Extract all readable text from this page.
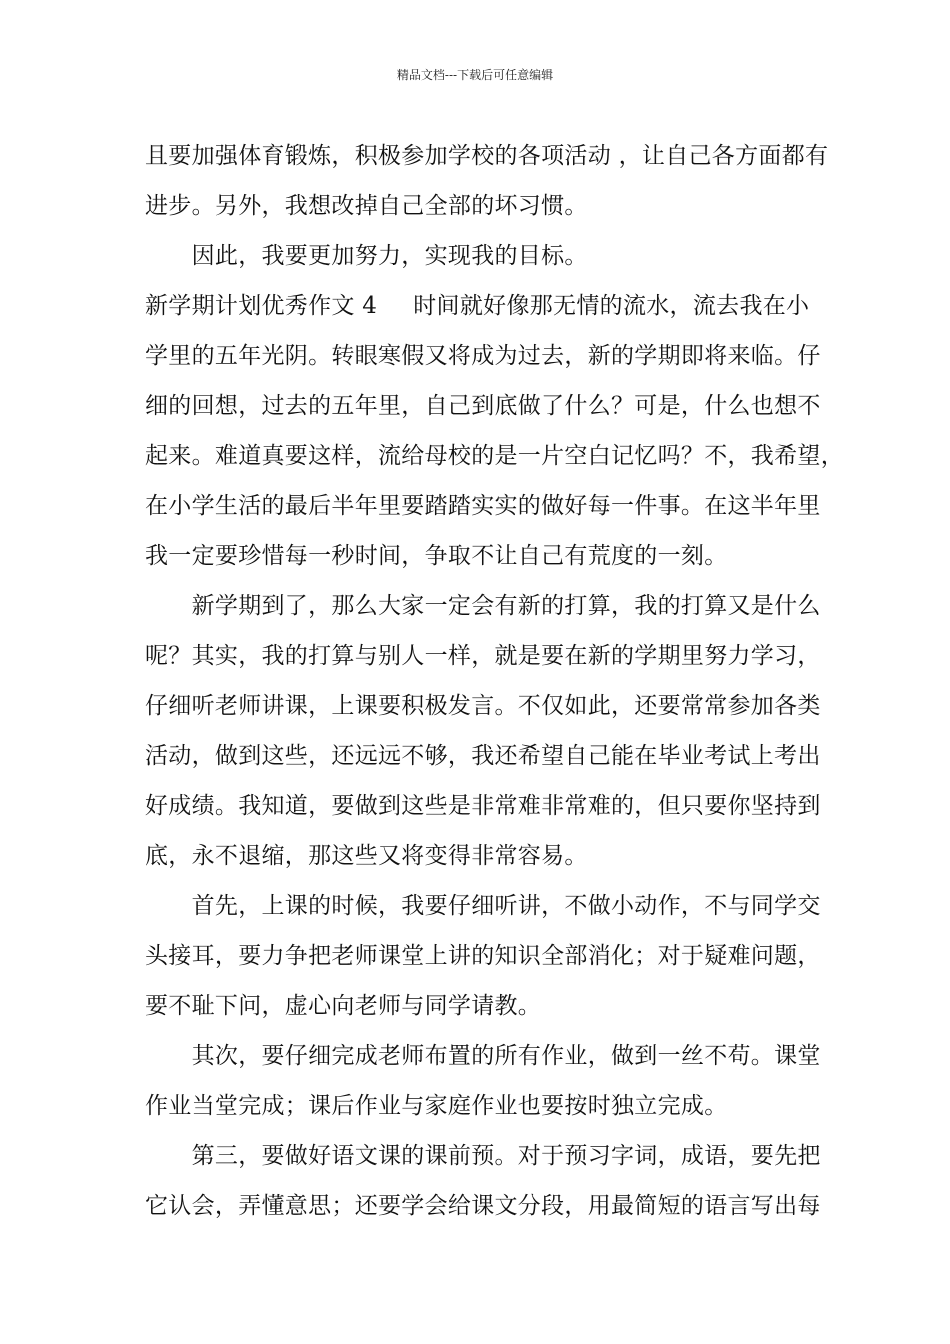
精品文档---下载后可任意编辑
且要加强体育锻炼，积极参加学校的各项活动 ，让自己各方面都有
进步。另外，我想改掉自己全部的坏习惯。
　　因此，我要更加努力，实现我的目标。
新学期计划优秀作文 4 时间就好像那无情的流水，流去我在小
学里的五年光阴。转眼寒假又将成为过去，新的学期即将来临。仔
细的回想，过去的五年里，自己到底做了什么？可是，什么也想不
起来。难道真要这样，流给母校的是一片空白记忆吗？不，我希望，
在小学生活的最后半年里要踏踏实实的做好每一件事。在这半年里
我一定要珍惜每一秒时间，争取不让自己有荒度的一刻。
　　新学期到了，那么大家一定会有新的打算，我的打算又是什么
呢？其实，我的打算与别人一样，就是要在新的学期里努力学习，
仔细听老师讲课，上课要积极发言。不仅如此，还要常常参加各类
活动，做到这些，还远远不够，我还希望自己能在毕业考试上考出
好成绩。我知道，要做到这些是非常难非常难的，但只要你坚持到
底，永不退缩，那这些又将变得非常容易。
　　首先，上课的时候，我要仔细听讲，不做小动作，不与同学交
头接耳，要力争把老师课堂上讲的知识全部消化；对于疑难问题，
要不耻下问，虚心向老师与同学请教。
　　其次，要仔细完成老师布置的所有作业，做到一丝不苟。课堂
作业当堂完成；课后作业与家庭作业也要按时独立完成。
　　第三，要做好语文课的课前预。对于预习字词，成语，要先把
它认会，弄懂意思；还要学会给课文分段，用最简短的语言写出每
